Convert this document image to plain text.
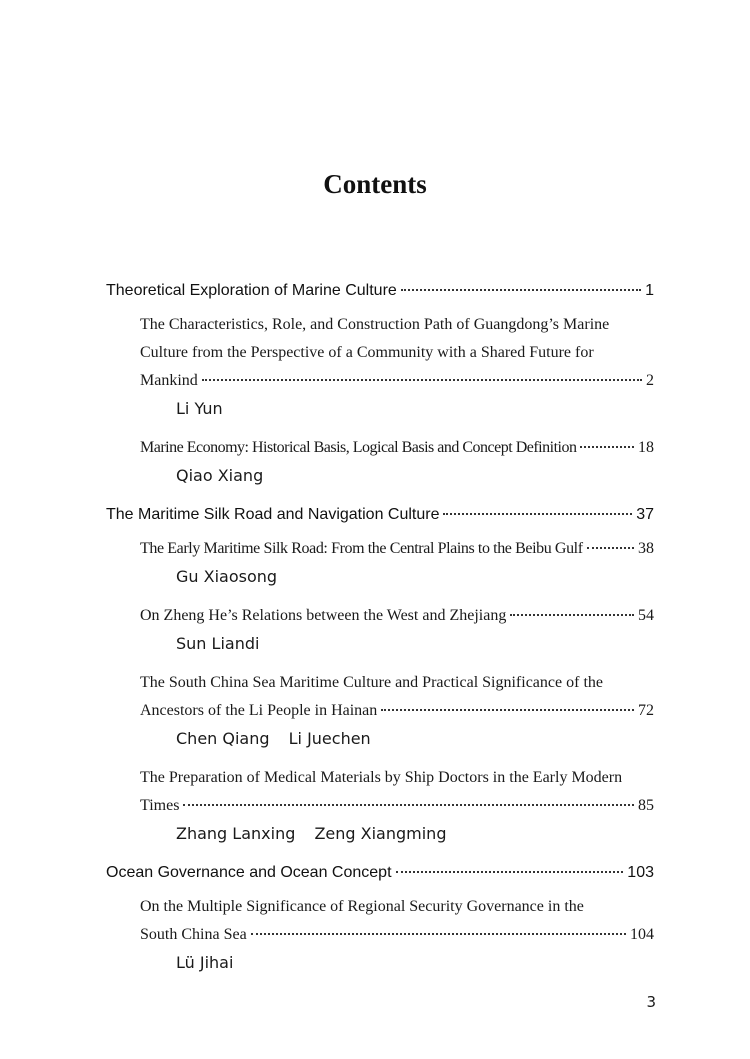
Contents
Theoretical Exploration of Marine Culture	1
The Characteristics, Role, and Construction Path of Guangdong’s Marine
Culture from the Perspective of a Community with a Shared Future for
Mankind	2
Li Yun
Marine Economy: Historical Basis, Logical Basis and Concept Definition	18
Qiao Xiang
The Maritime Silk Road and Navigation Culture	37
The Early Maritime Silk Road: From the Central Plains to the Beibu Gulf	38
Gu Xiaosong
On Zheng He’s Relations between the West and Zhejiang	54
Sun Liandi
The South China Sea Maritime Culture and Practical Significance of the
Ancestors of the Li People in Hainan	72
Chen Qiang Li Juechen
The Preparation of Medical Materials by Ship Doctors in the Early Modern
Times	85
Zhang Lanxing Zeng Xiangming
Ocean Governance and Ocean Concept	103
On the Multiple Significance of Regional Security Governance in the
South China Sea	104
Lü Jihai
3
